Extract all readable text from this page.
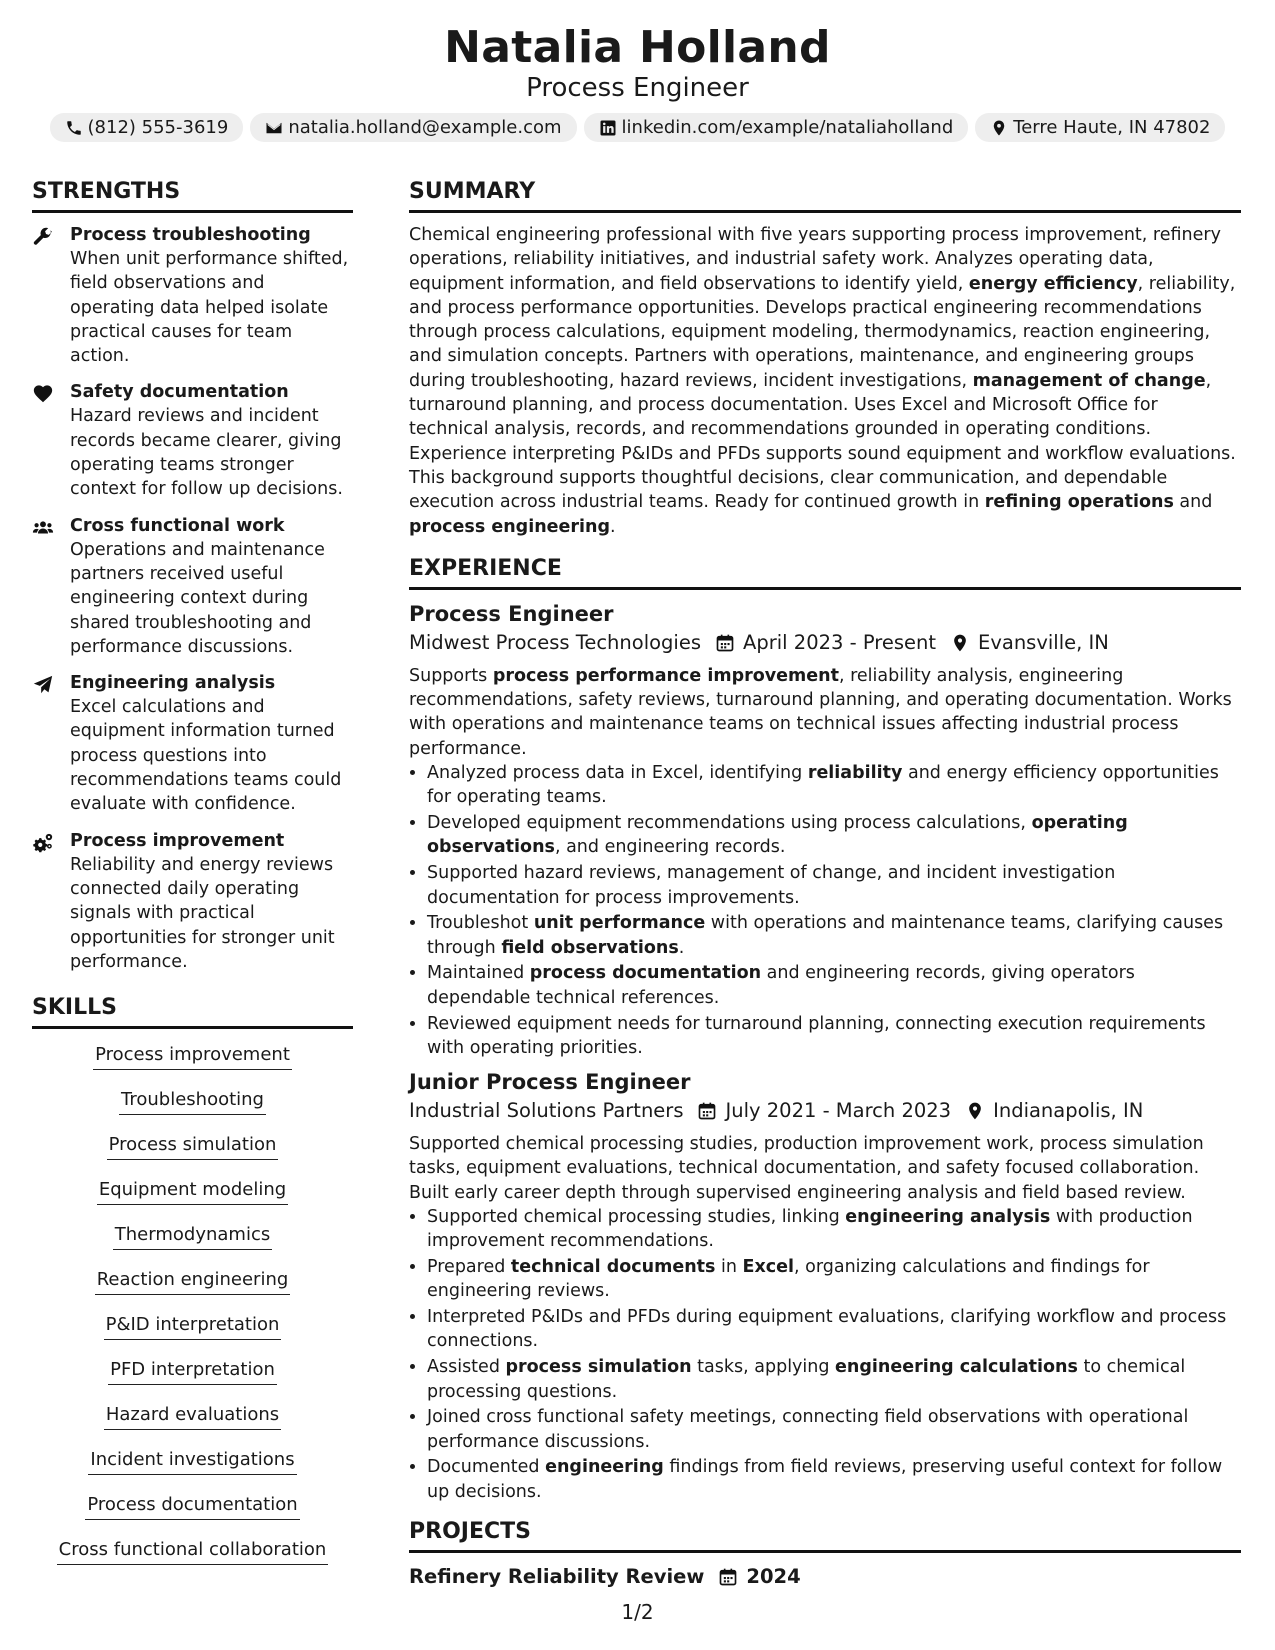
Natalia Holland
Process Engineer
(812) 555-3619	natalia.holland@example.com	linkedin.com/example/nataliaholland	Terre Haute, IN 47802
STRENGTHS
Process troubleshooting
When unit performance shifted, field observations and operating data helped isolate practical causes for team action.
Safety documentation
Hazard reviews and incident records became clearer, giving operating teams stronger context for follow up decisions.
Cross functional work
Operations and maintenance partners received useful engineering context during shared troubleshooting and performance discussions.
Engineering analysis
Excel calculations and equipment information turned process questions into recommendations teams could evaluate with confidence.
Process improvement
Reliability and energy reviews connected daily operating signals with practical opportunities for stronger unit performance.
SKILLS
Process improvement
Troubleshooting
Process simulation
Equipment modeling
Thermodynamics
Reaction engineering
P&ID interpretation
PFD interpretation
Hazard evaluations
Incident investigations
Process documentation
Cross functional collaboration
SUMMARY
Chemical engineering professional with five years supporting process improvement, refinery operations, reliability initiatives, and industrial safety work. Analyzes operating data, equipment information, and field observations to identify yield, energy efficiency, reliability, and process performance opportunities. Develops practical engineering recommendations through process calculations, equipment modeling, thermodynamics, reaction engineering, and simulation concepts. Partners with operations, maintenance, and engineering groups during troubleshooting, hazard reviews, incident investigations, management of change, turnaround planning, and process documentation. Uses Excel and Microsoft Office for technical analysis, records, and recommendations grounded in operating conditions. Experience interpreting P&IDs and PFDs supports sound equipment and workflow evaluations. This background supports thoughtful decisions, clear communication, and dependable execution across industrial teams. Ready for continued growth in refining operations and process engineering.
EXPERIENCE
Process Engineer
Midwest Process Technologies April 2023 - Present Evansville, IN
Supports process performance improvement, reliability analysis, engineering recommendations, safety reviews, turnaround planning, and operating documentation. Works with operations and maintenance teams on technical issues affecting industrial process performance.
• Analyzed process data in Excel, identifying reliability and energy efficiency opportunities for operating teams.
• Developed equipment recommendations using process calculations, operating observations, and engineering records.
• Supported hazard reviews, management of change, and incident investigation documentation for process improvements.
• Troubleshot unit performance with operations and maintenance teams, clarifying causes through field observations.
• Maintained process documentation and engineering records, giving operators dependable technical references.
• Reviewed equipment needs for turnaround planning, connecting execution requirements with operating priorities.
Junior Process Engineer
Industrial Solutions Partners July 2021 - March 2023 Indianapolis, IN
Supported chemical processing studies, production improvement work, process simulation tasks, equipment evaluations, technical documentation, and safety focused collaboration. Built early career depth through supervised engineering analysis and field based review.
• Supported chemical processing studies, linking engineering analysis with production improvement recommendations.
• Prepared technical documents in Excel, organizing calculations and findings for engineering reviews.
• Interpreted P&IDs and PFDs during equipment evaluations, clarifying workflow and process connections.
• Assisted process simulation tasks, applying engineering calculations to chemical processing questions.
• Joined cross functional safety meetings, connecting field observations with operational performance discussions.
• Documented engineering findings from field reviews, preserving useful context for follow up decisions.
PROJECTS
Refinery Reliability Review 2024
1/2
